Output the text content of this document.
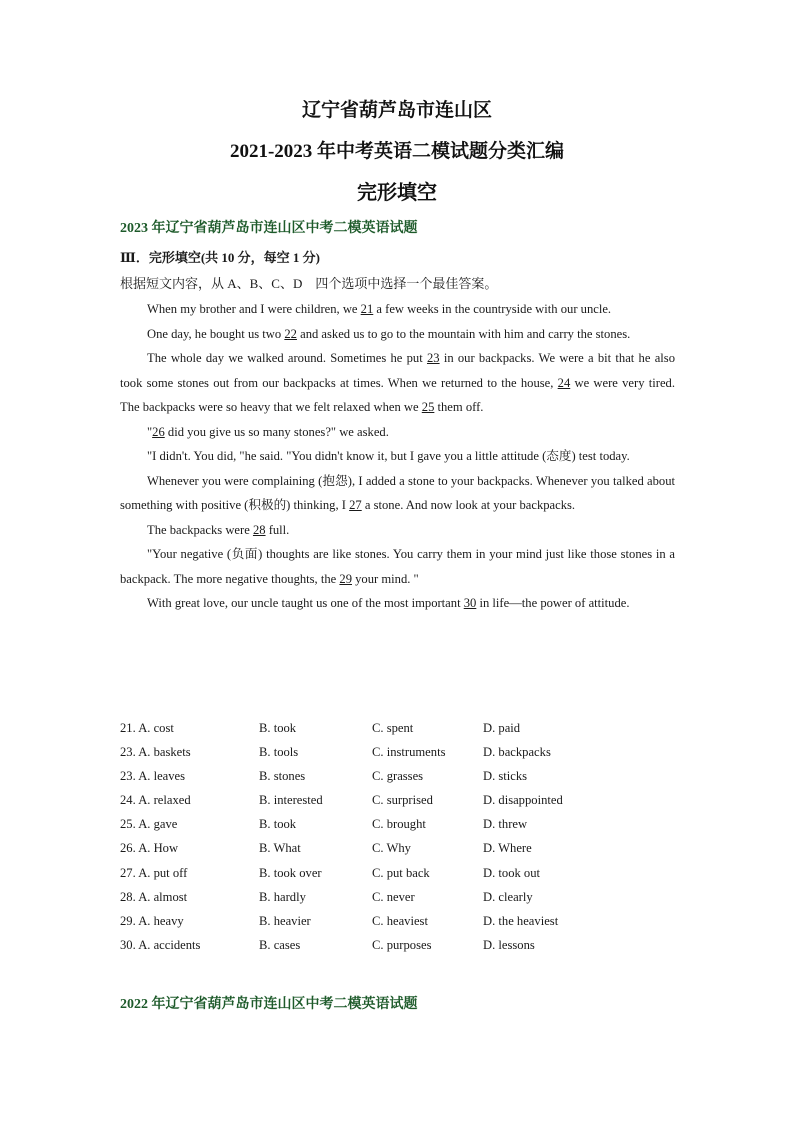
辽宁省葫芦岛市连山区
2021-2023 年中考英语二模试题分类汇编
完形填空
2023 年辽宁省葫芦岛市连山区中考二模英语试题
Ⅲ．完形填空(共 10 分，每空 1 分)
根据短文内容，从 A、B、C、D　四个选项中选择一个最佳答案。

When my brother and I were children, we 21 a few weeks in the countryside with our uncle.

One day, he bought us two 22 and asked us to go to the mountain with him and carry the stones.

The whole day we walked around. Sometimes he put 23 in our backpacks. We were a bit that he also took some stones out from our backpacks at times. When we returned to the house, 24 we were very tired. The backpacks were so heavy that we felt relaxed when we 25 them off.

"26 did you give us so many stones?" we asked.

"I didn't. You did, "he said. "You didn't know it, but I gave you a little attitude (态度) test today.

Whenever you were complaining (抱怨), I added a stone to your backpacks. Whenever you talked about something with positive (积极的) thinking, I 27 a stone. And now look at your backpacks.

The backpacks were 28 full.

"Your negative (负面) thoughts are like stones. You carry them in your mind just like those stones in a backpack. The more negative thoughts, the 29 your mind. "

With great love, our uncle taught us one of the most important 30 in life—the power of attitude.

21. A. cost	B. took	C. spent	D. paid
23. A. baskets	B. tools	C. instruments	D. backpacks
23. A. leaves	B. stones	C. grasses	D. sticks
24. A. relaxed	B. interested	C. surprised	D. disappointed
25. A. gave	B. took	C. brought	D. threw
26. A. How	B. What	C. Why	D. Where
27. A. put off	B. took over	C. put back	D. took out
28. A. almost	B. hardly	C. never	D. clearly
29. A. heavy	B. heavier	C. heaviest	D. the heaviest
30. A. accidents	B. cases	C. purposes	D. lessons
2022 年辽宁省葫芦岛市连山区中考二模英语试题
